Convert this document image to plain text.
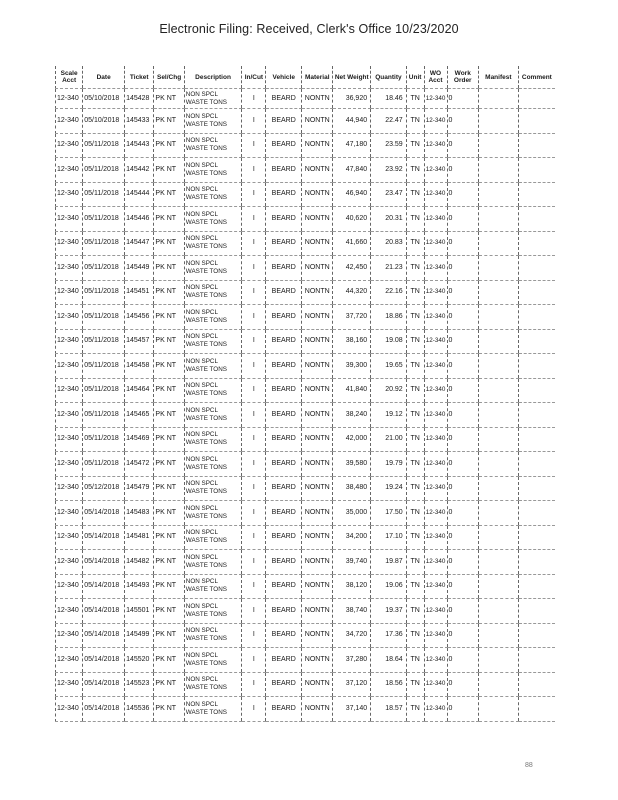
Electronic Filing: Received, Clerk's Office 10/23/2020
Scale Acct	Date	Ticket	Sel/Chg	Description	In/Cut	Vehicle	Material	Net Weight	Quantity	Unit	WO Acct	Work Order	Manifest	Comment
12-340	05/10/2018	145428	PK NT	NON SPCL WASTE TONS	I	BEARD	NONTN	36,920	18.46	TN	12-340	0		
12-340	05/10/2018	145433	PK NT	NON SPCL WASTE TONS	I	BEARD	NONTN	44,940	22.47	TN	12-340	0		
12-340	05/11/2018	145443	PK NT	NON SPCL WASTE TONS	I	BEARD	NONTN	47,180	23.59	TN	12-340	0		
12-340	05/11/2018	145442	PK NT	NON SPCL WASTE TONS	I	BEARD	NONTN	47,840	23.92	TN	12-340	0		
12-340	05/11/2018	145444	PK NT	NON SPCL WASTE TONS	I	BEARD	NONTN	46,940	23.47	TN	12-340	0		
12-340	05/11/2018	145446	PK NT	NON SPCL WASTE TONS	I	BEARD	NONTN	40,620	20.31	TN	12-340	0		
12-340	05/11/2018	145447	PK NT	NON SPCL WASTE TONS	I	BEARD	NONTN	41,660	20.83	TN	12-340	0		
12-340	05/11/2018	145449	PK NT	NON SPCL WASTE TONS	I	BEARD	NONTN	42,450	21.23	TN	12-340	0		
12-340	05/11/2018	145451	PK NT	NON SPCL WASTE TONS	I	BEARD	NONTN	44,320	22.16	TN	12-340	0		
12-340	05/11/2018	145456	PK NT	NON SPCL WASTE TONS	I	BEARD	NONTN	37,720	18.86	TN	12-340	0		
12-340	05/11/2018	145457	PK NT	NON SPCL WASTE TONS	I	BEARD	NONTN	38,160	19.08	TN	12-340	0		
12-340	05/11/2018	145458	PK NT	NON SPCL WASTE TONS	I	BEARD	NONTN	39,300	19.65	TN	12-340	0		
12-340	05/11/2018	145464	PK NT	NON SPCL WASTE TONS	I	BEARD	NONTN	41,840	20.92	TN	12-340	0		
12-340	05/11/2018	145465	PK NT	NON SPCL WASTE TONS	I	BEARD	NONTN	38,240	19.12	TN	12-340	0		
12-340	05/11/2018	145469	PK NT	NON SPCL WASTE TONS	I	BEARD	NONTN	42,000	21.00	TN	12-340	0		
12-340	05/11/2018	145472	PK NT	NON SPCL WASTE TONS	I	BEARD	NONTN	39,580	19.79	TN	12-340	0		
12-340	05/12/2018	145479	PK NT	NON SPCL WASTE TONS	I	BEARD	NONTN	38,480	19.24	TN	12-340	0		
12-340	05/14/2018	145483	PK NT	NON SPCL WASTE TONS	I	BEARD	NONTN	35,000	17.50	TN	12-340	0		
12-340	05/14/2018	145481	PK NT	NON SPCL WASTE TONS	I	BEARD	NONTN	34,200	17.10	TN	12-340	0		
12-340	05/14/2018	145482	PK NT	NON SPCL WASTE TONS	I	BEARD	NONTN	39,740	19.87	TN	12-340	0		
12-340	05/14/2018	145493	PK NT	NON SPCL WASTE TONS	I	BEARD	NONTN	38,120	19.06	TN	12-340	0		
12-340	05/14/2018	145501	PK NT	NON SPCL WASTE TONS	I	BEARD	NONTN	38,740	19.37	TN	12-340	0		
12-340	05/14/2018	145499	PK NT	NON SPCL WASTE TONS	I	BEARD	NONTN	34,720	17.36	TN	12-340	0		
12-340	05/14/2018	145520	PK NT	NON SPCL WASTE TONS	I	BEARD	NONTN	37,280	18.64	TN	12-340	0		
12-340	05/14/2018	145523	PK NT	NON SPCL WASTE TONS	I	BEARD	NONTN	37,120	18.56	TN	12-340	0		
12-340	05/14/2018	145536	PK NT	NON SPCL WASTE TONS	I	BEARD	NONTN	37,140	18.57	TN	12-340	0		
88
